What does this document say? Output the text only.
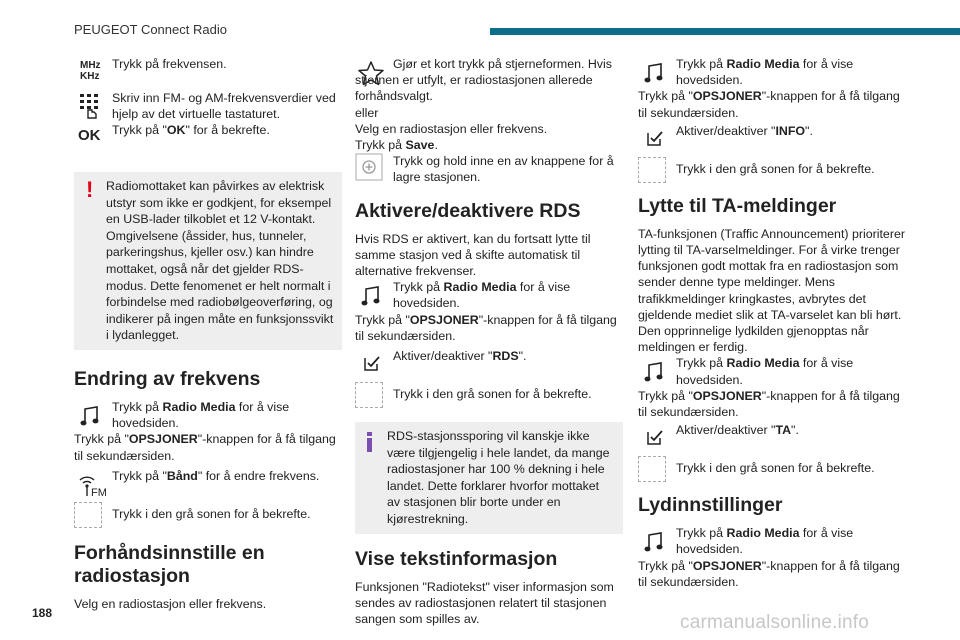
PEUGEOT Connect Radio
MHz
KHz
Trykk på frekvensen.
OK
Skriv inn FM- og AM-frekvensverdier ved hjelp av det virtuelle tastaturet.
Trykk på "OK" for å bekrefte.
! Radiomottaket kan påvirkes av elektrisk utstyr som ikke er godkjent, for eksempel en USB-lader tilkoblet et 12 V-kontakt. Omgivelsene (åssider, hus, tunneler, parkeringshus, kjeller osv.) kan hindre mottaket, også når det gjelder RDS-modus. Dette fenomenet er helt normalt i forbindelse med radiobølgeoverføring, og indikerer på ingen måte en funksjonssvikt i lydanlegget.
Endring av frekvens
Trykk på Radio Media for å vise hovedsiden.
Trykk på "OPSJONER"-knappen for å få tilgang til sekundærsiden.
FM
Trykk på "Bånd" for å endre frekvens.
Trykk i den grå sonen for å bekrefte.
Forhåndsinnstille en radiostasjon
Velg en radiostasjon eller frekvens.
Gjør et kort trykk på stjerneformen. Hvis stjernen er utfylt, er radiostasjonen allerede forhåndsvalgt.
eller
Velg en radiostasjon eller frekvens.
Trykk på Save.
Trykk og hold inne en av knappene for å lagre stasjonen.
Aktivere/deaktivere RDS
Hvis RDS er aktivert, kan du fortsatt lytte til samme stasjon ved å skifte automatisk til alternative frekvenser.
Trykk på Radio Media for å vise hovedsiden.
Trykk på "OPSJONER"-knappen for å få tilgang til sekundærsiden.
Aktiver/deaktiver "RDS".
Trykk i den grå sonen for å bekrefte.
RDS-stasjonssporing vil kanskje ikke være tilgjengelig i hele landet, da mange radiostasjoner har 100 % dekning i hele landet. Dette forklarer hvorfor mottaket av stasjonen blir borte under en kjørestrekning.
Vise tekstinformasjon
Funksjonen "Radiotekst" viser informasjon som sendes av radiostasjonen relatert til stasjonen sangen som spilles av.
Trykk på Radio Media for å vise hovedsiden.
Trykk på "OPSJONER"-knappen for å få tilgang til sekundærsiden.
Aktiver/deaktiver "INFO".
Trykk i den grå sonen for å bekrefte.
Lytte til TA-meldinger
TA-funksjonen (Traffic Announcement) prioriterer lytting til TA-varselmeldinger. For å virke trenger funksjonen godt mottak fra en radiostasjon som sender denne type meldinger. Mens trafikkmeldinger kringkastes, avbrytes det gjeldende mediet slik at TA-varselet kan bli hørt. Den opprinnelige lydkilden gjenopptas når meldingen er ferdig.
Trykk på Radio Media for å vise hovedsiden.
Trykk på "OPSJONER"-knappen for å få tilgang til sekundærsiden.
Aktiver/deaktiver "TA".
Trykk i den grå sonen for å bekrefte.
Lydinnstillinger
Trykk på Radio Media for å vise hovedsiden.
Trykk på "OPSJONER"-knappen for å få tilgang til sekundærsiden.
188	carmanualsonline.info
